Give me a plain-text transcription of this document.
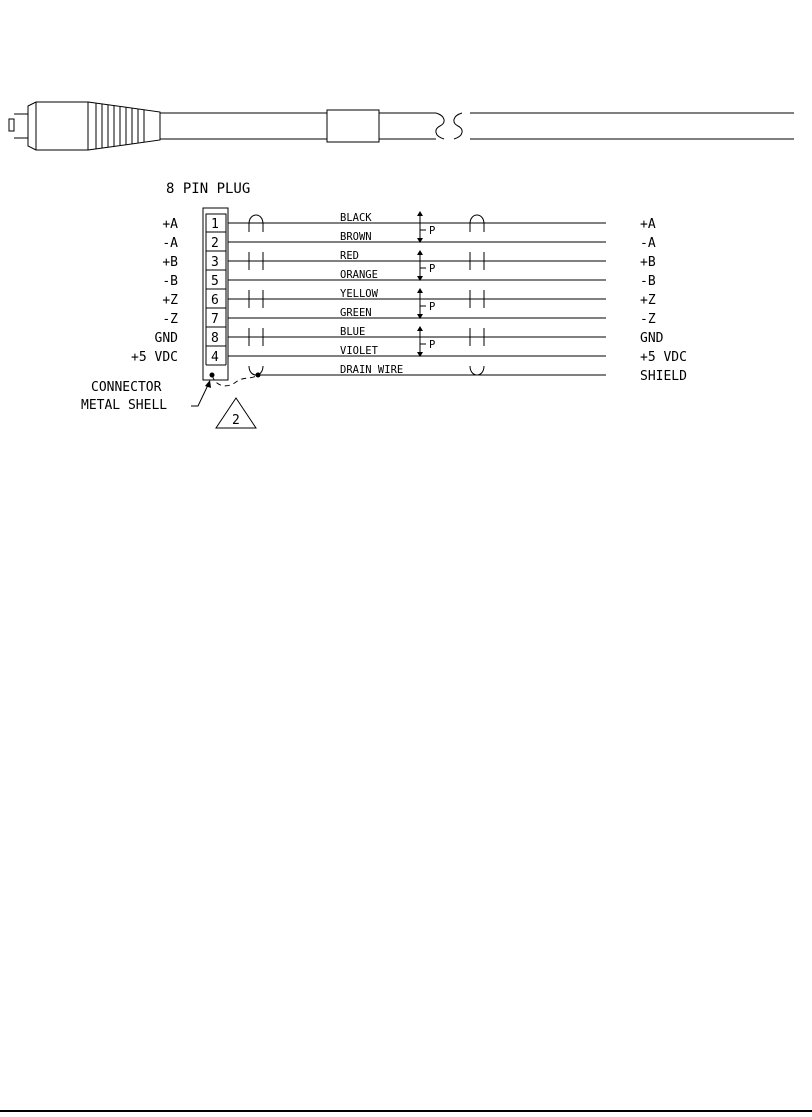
8 PIN PLUG
1
2
3
5
6
7
8
4
+A
-A
+B
-B
+Z
-Z
GND
+5 VDC
BLACK
BROWN
RED
ORANGE
YELLOW
GREEN
BLUE
VIOLET
DRAIN WIRE
P
P
P
P
+A
-A
+B
-B
+Z
-Z
GND
+5 VDC
SHIELD
CONNECTOR
METAL SHELL
2
